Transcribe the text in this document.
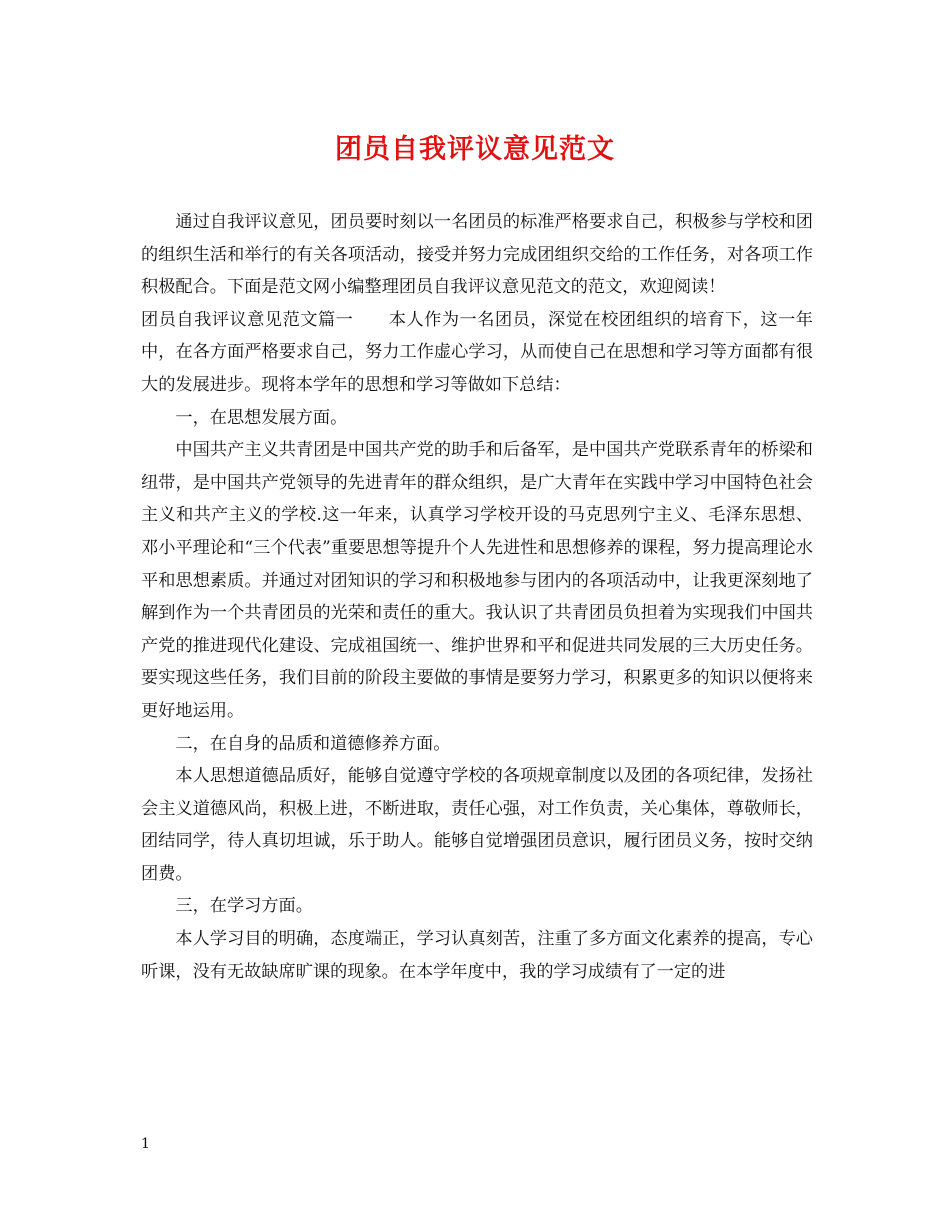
团员自我评议意见范文

通过自我评议意见，团员要时刻以一名团员的标准严格要求自己，积极参与学校和团的组织生活和举行的有关各项活动，接受并努力完成团组织交给的工作任务，对各项工作积极配合。下面是范文网小编整理团员自我评议意见范文的范文，欢迎阅读！

团员自我评议意见范文篇一　　本人作为一名团员，深觉在校团组织的培育下，这一年中，在各方面严格要求自己，努力工作虚心学习，从而使自己在思想和学习等方面都有很大的发展进步。现将本学年的思想和学习等做如下总结：

一，在思想发展方面。

中国共产主义共青团是中国共产党的助手和后备军，是中国共产党联系青年的桥梁和纽带，是中国共产党领导的先进青年的群众组织，是广大青年在实践中学习中国特色社会主义和共产主义的学校.这一年来，认真学习学校开设的马克思列宁主义、毛泽东思想、邓小平理论和“三个代表”重要思想等提升个人先进性和思想修养的课程，努力提高理论水平和思想素质。并通过对团知识的学习和积极地参与团内的各项活动中，让我更深刻地了解到作为一个共青团员的光荣和责任的重大。我认识了共青团员负担着为实现我们中国共产党的推进现代化建设、完成祖国统一、维护世界和平和促进共同发展的三大历史任务。要实现这些任务，我们目前的阶段主要做的事情是要努力学习，积累更多的知识以便将来更好地运用。

二，在自身的品质和道德修养方面。

本人思想道德品质好，能够自觉遵守学校的各项规章制度以及团的各项纪律，发扬社会主义道德风尚，积极上进，不断进取，责任心强，对工作负责，关心集体，尊敬师长，团结同学，待人真切坦诚，乐于助人。能够自觉增强团员意识，履行团员义务，按时交纳团费。

三，在学习方面。

本人学习目的明确，态度端正，学习认真刻苦，注重了多方面文化素养的提高，专心听课，没有无故缺席旷课的现象。在本学年度中，我的学习成绩有了一定的进

1
